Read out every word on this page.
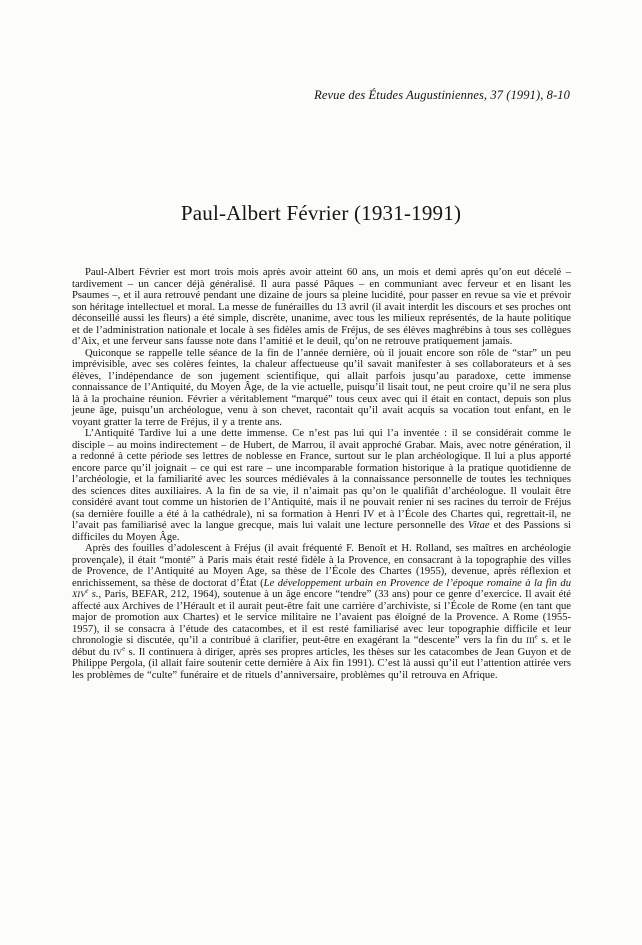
Revue des Études Augustiniennes, 37 (1991), 8-10
Paul-Albert Février (1931-1991)

Paul-Albert Février est mort trois mois après avoir atteint 60 ans, un mois et demi après qu’on eut décelé – tardivement – un cancer déjà généralisé. Il aura passé Pâques – en communiant avec ferveur et en lisant les Psaumes –, et il aura retrouvé pendant une dizaine de jours sa pleine lucidité, pour passer en revue sa vie et prévoir son héritage intellectuel et moral. La messe de funérailles du 13 avril (il avait interdit les discours et ses proches ont déconseillé aussi les fleurs) a été simple, discrète, unanime, avec tous les milieux représentés, de la haute politique et de l’administration nationale et locale à ses fidèles amis de Fréjus, de ses élèves maghrébins à tous ses collègues d’Aix, et une ferveur sans fausse note dans l’amitié et le deuil, qu’on ne retrouve pratiquement jamais.

Quiconque se rappelle telle séance de la fin de l’année dernière, où il jouait encore son rôle de “star” un peu imprévisible, avec ses colères feintes, la chaleur affectueuse qu’il savait manifester à ses collaborateurs et à ses élèves, l’indépendance de son jugement scientifique, qui allait parfois jusqu’au paradoxe, cette immense connaissance de l’Antiquité, du Moyen Âge, de la vie actuelle, puisqu’il lisait tout, ne peut croire qu’il ne sera plus là à la prochaine réunion. Février a véritablement “marqué” tous ceux avec qui il était en contact, depuis son plus jeune âge, puisqu’un archéologue, venu à son chevet, racontait qu’il avait acquis sa vocation tout enfant, en le voyant gratter la terre de Fréjus, il y a trente ans.

L’Antiquité Tardive lui a une dette immense. Ce n’est pas lui qui l’a inventée : il se considérait comme le disciple – au moins indirectement – de Hubert, de Marrou, il avait approché Grabar. Mais, avec notre génération, il a redonné à cette période ses lettres de noblesse en France, surtout sur le plan archéologique. Il lui a plus apporté encore parce qu’il joignait – ce qui est rare – une incomparable formation historique à la pratique quotidienne de l’archéologie, et la familiarité avec les sources médiévales à la connaissance personnelle de toutes les techniques des sciences dites auxiliaires. A la fin de sa vie, il n’aimait pas qu’on le qualifiât d’archéologue. Il voulait être considéré avant tout comme un historien de l’Antiquité, mais il ne pouvait renier ni ses racines du terroir de Fréjus (sa dernière fouille a été à la cathédrale), ni sa formation à Henri IV et à l’École des Chartes qui, regrettait-il, ne l’avait pas familiarisé avec la langue grecque, mais lui valait une lecture personnelle des Vitae et des Passions si difficiles du Moyen Âge.

Après des fouilles d’adolescent à Fréjus (il avait fréquenté F. Benoît et H. Rolland, ses maîtres en archéologie provençale), il était “monté” à Paris mais était resté fidèle à la Provence, en consacrant à la topographie des villes de Provence, de l’Antiquité au Moyen Age, sa thèse de l’École des Chartes (1955), devenue, après réflexion et enrichissement, sa thèse de doctorat d’État (Le développement urbain en Provence de l’époque romaine à la fin du XIVe s., Paris, BEFAR, 212, 1964), soutenue à un âge encore “tendre” (33 ans) pour ce genre d’exercice. Il avait été affecté aux Archives de l’Hérault et il aurait peut-être fait une carrière d’archiviste, si l’École de Rome (en tant que major de promotion aux Chartes) et le service militaire ne l’avaient pas éloigné de la Provence. A Rome (1955-1957), il se consacra à l’étude des catacombes, et il est resté familiarisé avec leur topographie difficile et leur chronologie si discutée, qu’il a contribué à clarifier, peut-être en exagérant la “descente” vers la fin du IIIe s. et le début du IVe s. Il continuera à diriger, après ses propres articles, les thèses sur les catacombes de Jean Guyon et de Philippe Pergola, (il allait faire soutenir cette dernière à Aix fin 1991). C’est là aussi qu’il eut l’attention attirée vers les problèmes de “culte” funéraire et de rituels d’anniversaire, problèmes qu’il retrouva en Afrique.
